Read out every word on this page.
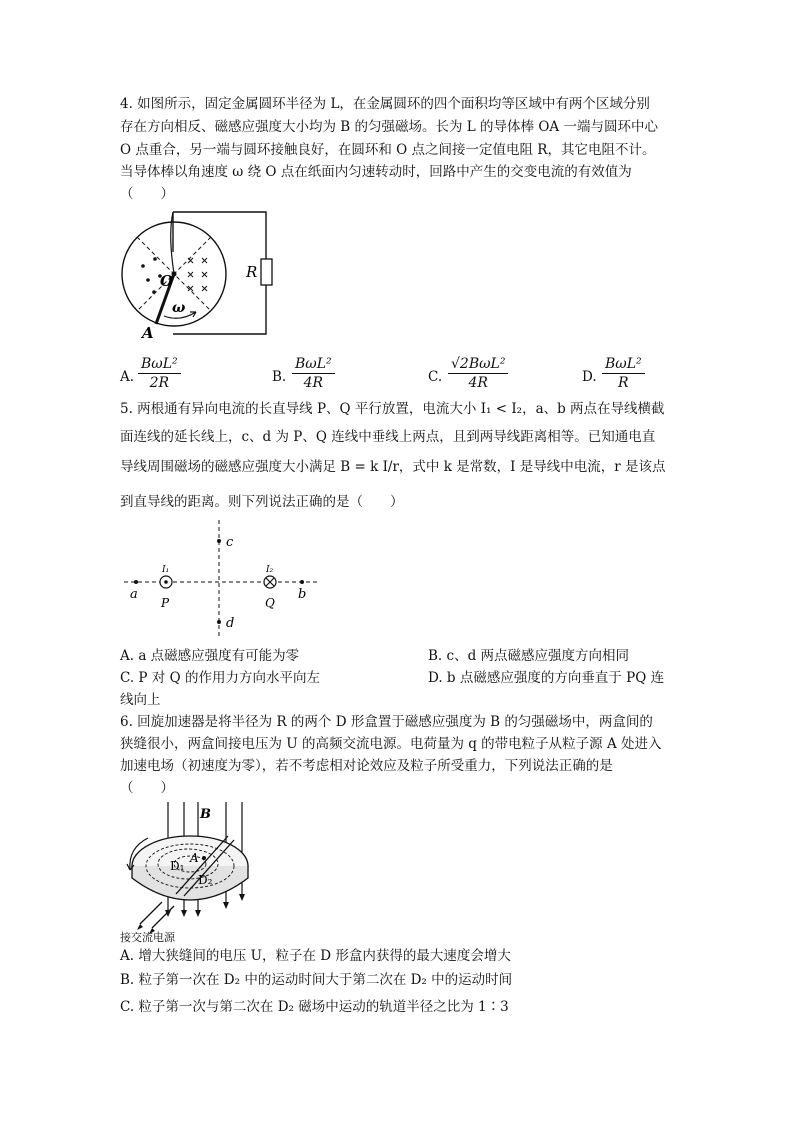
4. 如图所示，固定金属圆环半径为 L，在金属圆环的四个面积均等区域中有两个区域分别
存在方向相反、磁感应强度大小均为 B 的匀强磁场。长为 L 的导体棒 OA 一端与圆环中心
O 点重合，另一端与圆环接触良好，在圆环和 O 点之间接一定值电阻 R，其它电阻不计。
当导体棒以角速度 ω 绕 O 点在纸面内匀速转动时，回路中产生的交变电流的有效值为
（　　）
R
O
A
ω
A.
BωL²
2R	B.
BωL²
4R	C.
√2BωL²
4R	D.
BωL²
R
5. 两根通有异向电流的长直导线 P、Q 平行放置，电流大小 I₁ < I₂，a、b 两点在导线横截
面连线的延长线上，c、d 为 P、Q 连线中垂线上两点，且到两导线距离相等。已知通电直
导线周围磁场的磁感应强度大小满足 B = k I/r，式中 k 是常数，I 是导线中电流，r 是该点
到直导线的距离。则下列说法正确的是（　　）
c
d
a	b
I₁
P
I₂
Q
A. a 点磁感应强度有可能为零	B. c、d 两点磁感应强度方向相同
C. P 对 Q 的作用力方向水平向左	D. b 点磁感应强度的方向垂直于 PQ 连
线向上
6. 回旋加速器是将半径为 R 的两个 D 形盒置于磁感应强度为 B 的匀强磁场中，两盒间的
狭缝很小，两盒间接电压为 U 的高频交流电源。电荷量为 q 的带电粒子从粒子源 A 处进入
加速电场（初速度为零），若不考虑相对论效应及粒子所受重力，下列说法正确的是
（　　）
B
A
D₁
D₂
接交流电源
A. 增大狭缝间的电压 U，粒子在 D 形盒内获得的最大速度会增大
B. 粒子第一次在 D₂ 中的运动时间大于第二次在 D₂ 中的运动时间
C. 粒子第一次与第二次在 D₂ 磁场中运动的轨道半径之比为 1∶3
